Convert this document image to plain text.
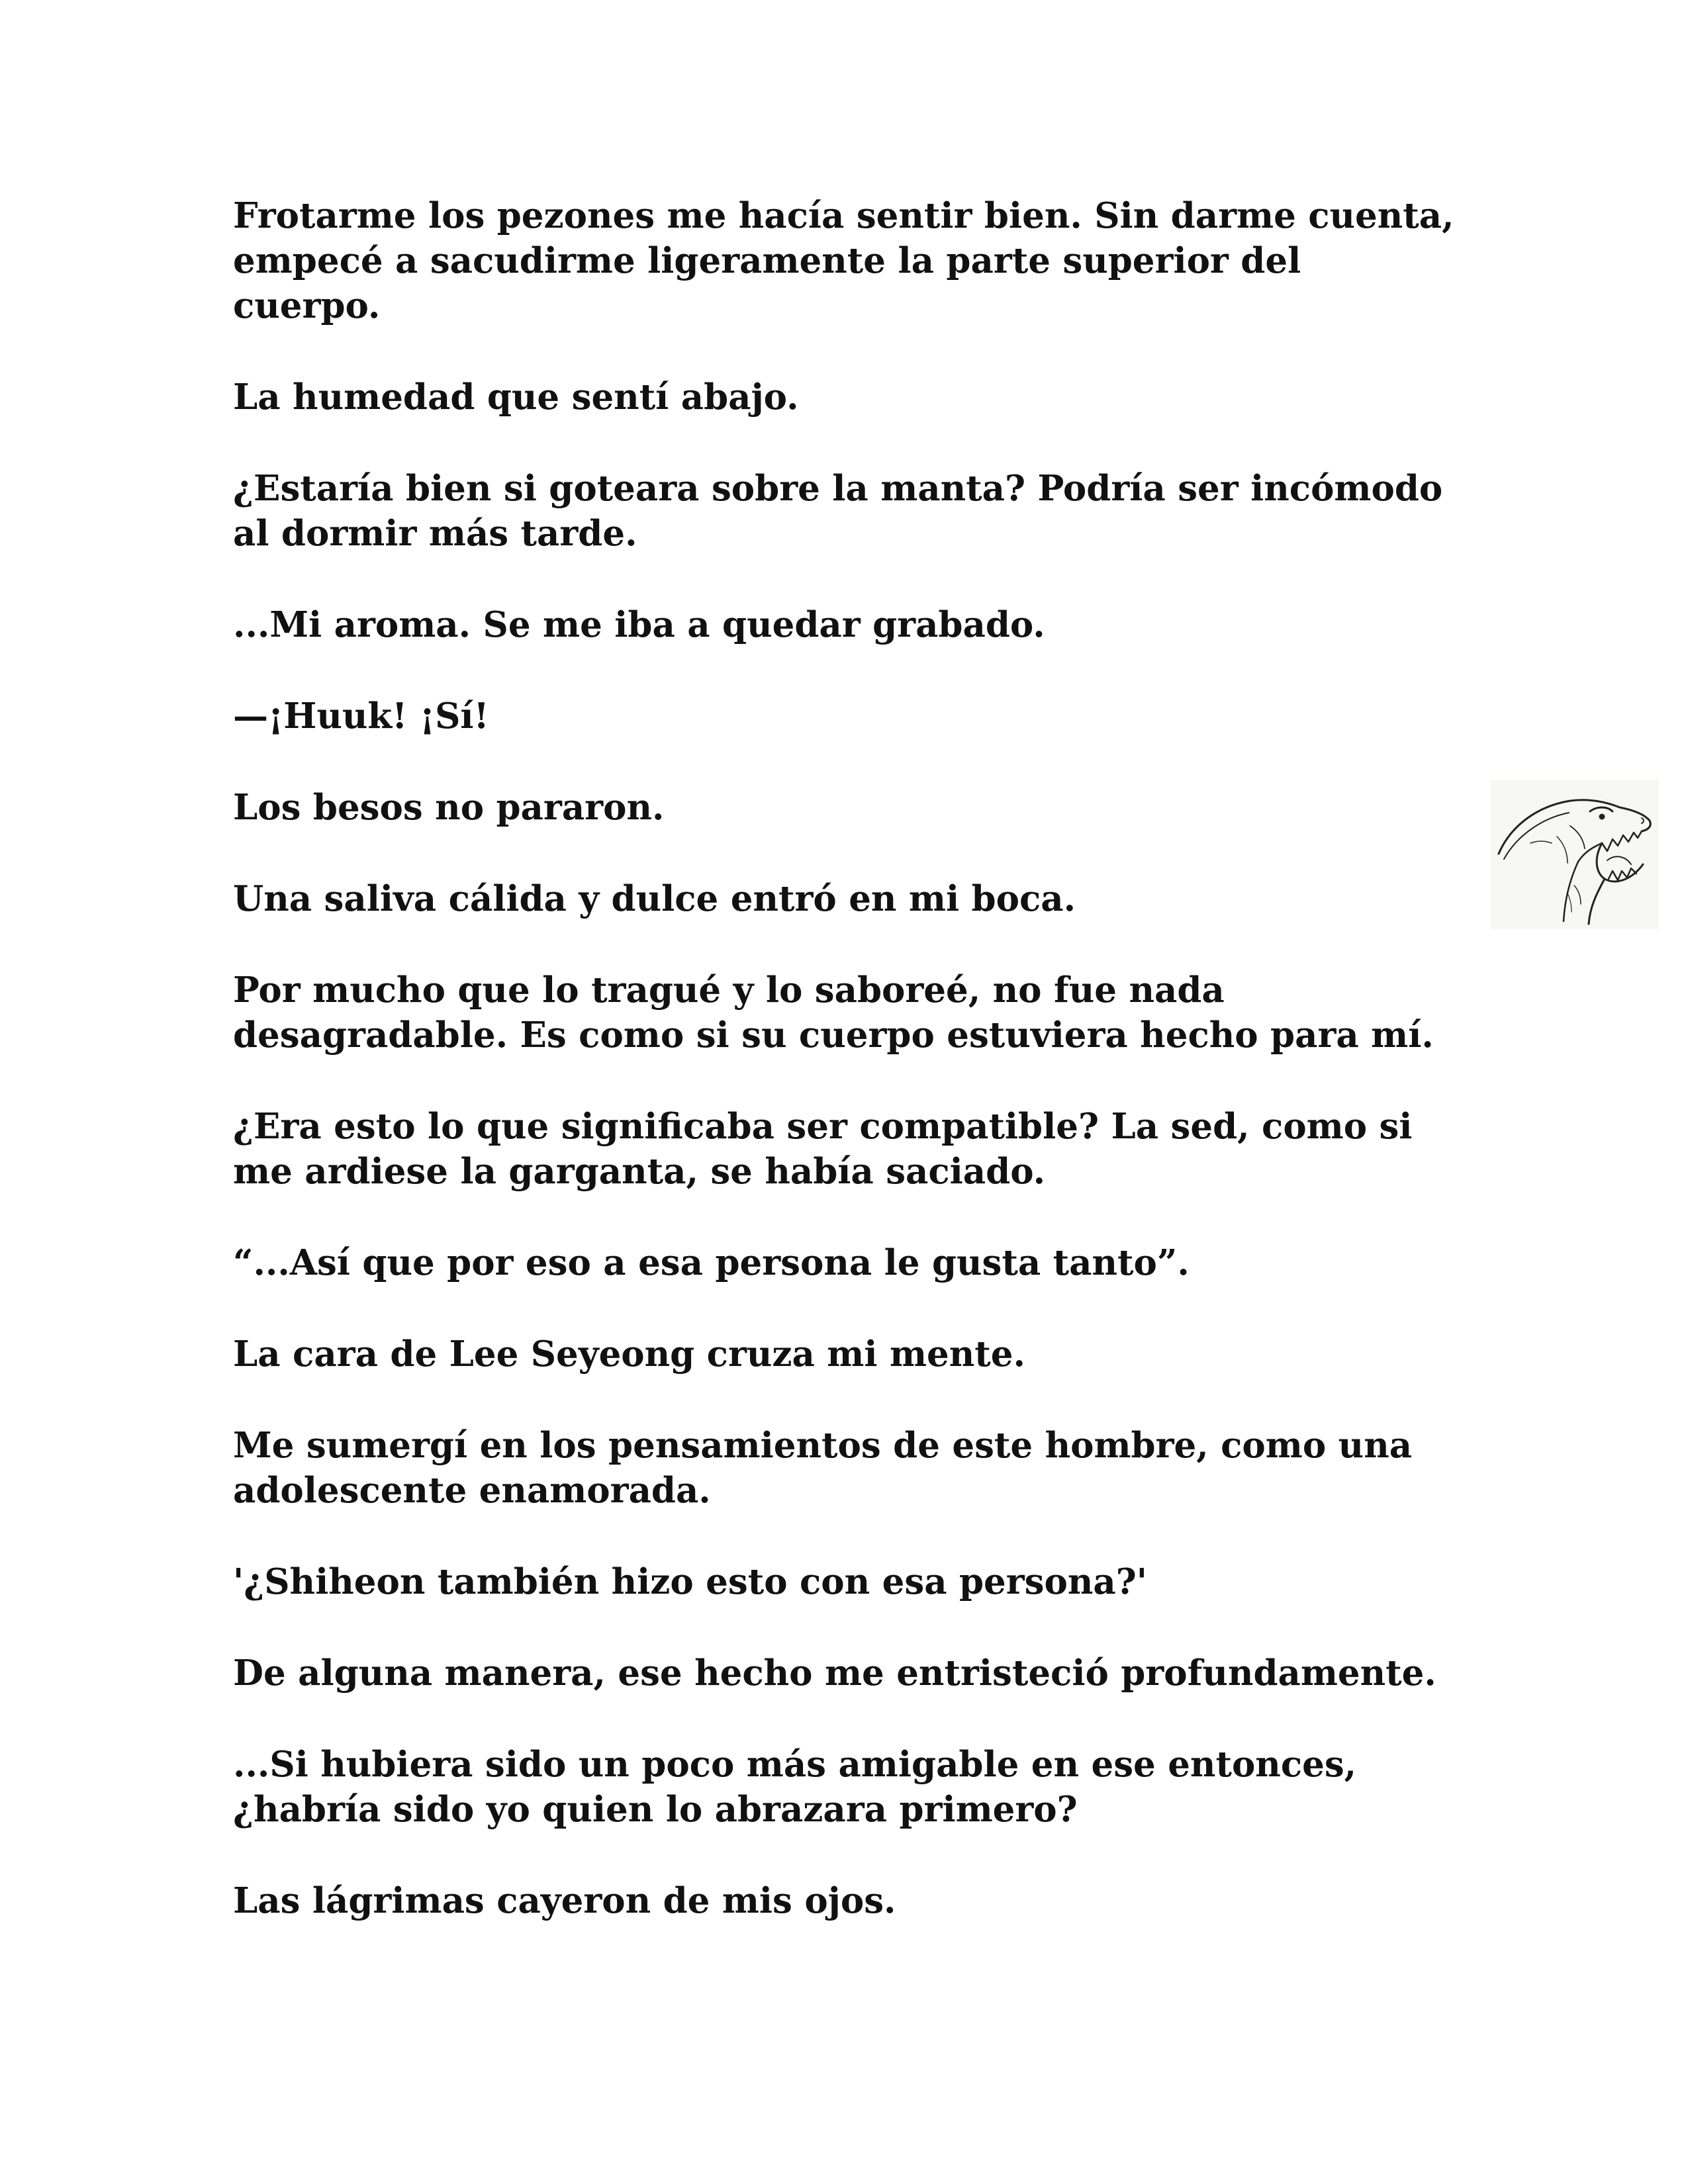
Frotarme los pezones me hacía sentir bien. Sin darme cuenta,
empecé a sacudirme ligeramente la parte superior del
cuerpo.

La humedad que sentí abajo.

¿Estaría bien si goteara sobre la manta? Podría ser incómodo
al dormir más tarde.

...Mi aroma. Se me iba a quedar grabado.

—¡Huuk! ¡Sí!

Los besos no pararon.

Una saliva cálida y dulce entró en mi boca.

Por mucho que lo tragué y lo saboreé, no fue nada
desagradable. Es como si su cuerpo estuviera hecho para mí.

¿Era esto lo que significaba ser compatible? La sed, como si
me ardiese la garganta, se había saciado.

“...Así que por eso a esa persona le gusta tanto”.

La cara de Lee Seyeong cruza mi mente.

Me sumergí en los pensamientos de este hombre, como una
adolescente enamorada.

'¿Shiheon también hizo esto con esa persona?'

De alguna manera, ese hecho me entristeció profundamente.

...Si hubiera sido un poco más amigable en ese entonces,
¿habría sido yo quien lo abrazara primero?

Las lágrimas cayeron de mis ojos.
